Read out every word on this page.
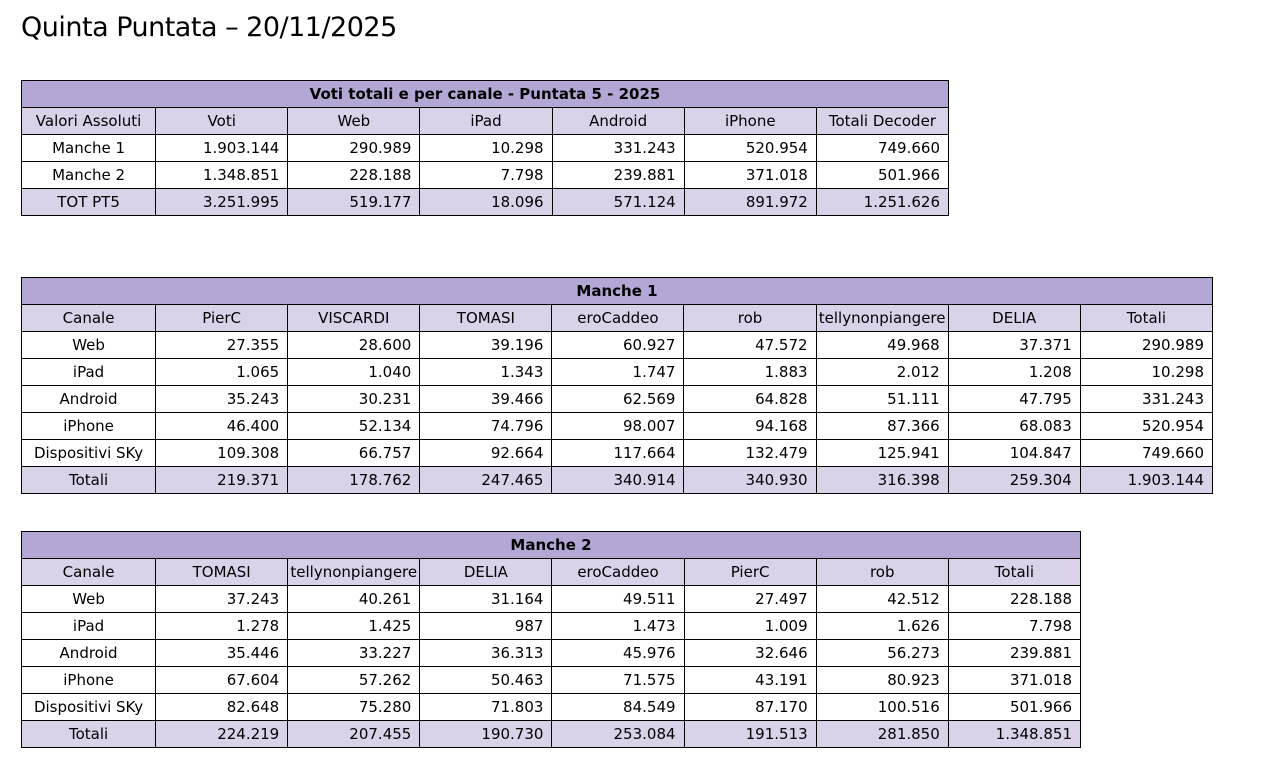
Quinta Puntata – 20/11/2025
Voti totali e per canale - Puntata 5 - 2025						
Valori Assoluti	Voti	Web	iPad	Android	iPhone	Totali Decoder
Manche 1	1.903.144	290.989	10.298	331.243	520.954	749.660
Manche 2	1.348.851	228.188	7.798	239.881	371.018	501.966
TOT PT5	3.251.995	519.177	18.096	571.124	891.972	1.251.626
Manche 1								
Canale	PierC	VISCARDI	TOMASI	eroCaddeo	rob	tellynonpiangere	DELIA	Totali
Web	27.355	28.600	39.196	60.927	47.572	49.968	37.371	290.989
iPad	1.065	1.040	1.343	1.747	1.883	2.012	1.208	10.298
Android	35.243	30.231	39.466	62.569	64.828	51.111	47.795	331.243
iPhone	46.400	52.134	74.796	98.007	94.168	87.366	68.083	520.954
Dispositivi SKy	109.308	66.757	92.664	117.664	132.479	125.941	104.847	749.660
Totali	219.371	178.762	247.465	340.914	340.930	316.398	259.304	1.903.144
Manche 2							
Canale	TOMASI	tellynonpiangere	DELIA	eroCaddeo	PierC	rob	Totali
Web	37.243	40.261	31.164	49.511	27.497	42.512	228.188
iPad	1.278	1.425	987	1.473	1.009	1.626	7.798
Android	35.446	33.227	36.313	45.976	32.646	56.273	239.881
iPhone	67.604	57.262	50.463	71.575	43.191	80.923	371.018
Dispositivi SKy	82.648	75.280	71.803	84.549	87.170	100.516	501.966
Totali	224.219	207.455	190.730	253.084	191.513	281.850	1.348.851
